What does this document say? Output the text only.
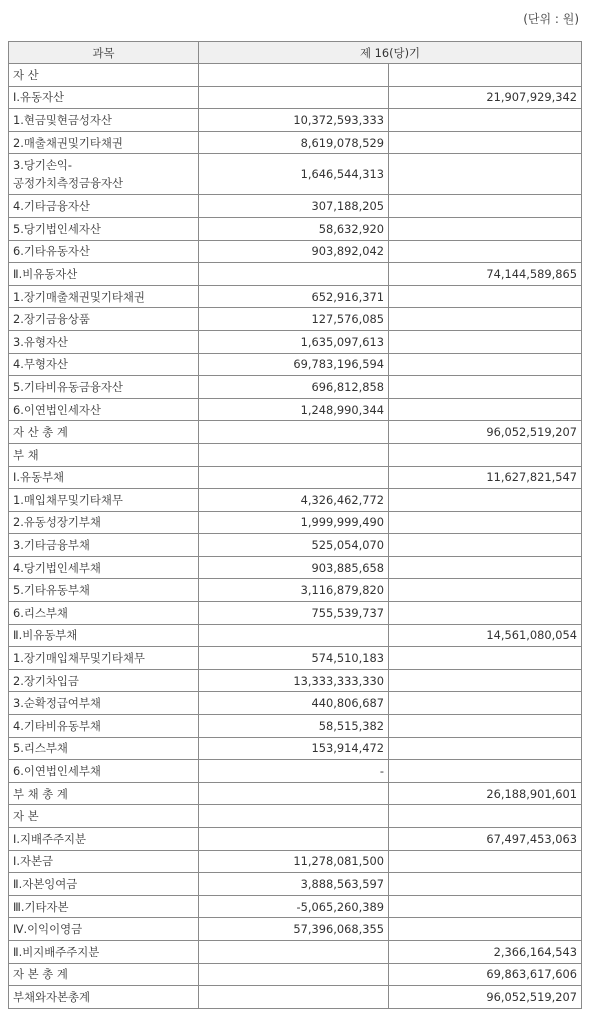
(단위 : 원)
과목	제 16(당)기	
자 산		
Ⅰ.유동자산		21,907,929,342
1.현금및현금성자산	10,372,593,333	
2.매출채권및기타채권	8,619,078,529	

3.당기손익-
공정가치측정금융자산	1,646,544,313	
4.기타금융자산	307,188,205	
5.당기법인세자산	58,632,920	
6.기타유동자산	903,892,042	
Ⅱ.비유동자산		74,144,589,865
1.장기매출채권및기타채권	652,916,371	
2.장기금융상품	127,576,085	
3.유형자산	1,635,097,613	
4.무형자산	69,783,196,594	
5.기타비유동금융자산	696,812,858	
6.이연법인세자산	1,248,990,344	
자 산 총 계		96,052,519,207
부 채		
Ⅰ.유동부채		11,627,821,547
1.매입채무및기타채무	4,326,462,772	
2.유동성장기부채	1,999,999,490	
3.기타금융부채	525,054,070	
4.당기법인세부채	903,885,658	
5.기타유동부채	3,116,879,820	
6.리스부채	755,539,737	
Ⅱ.비유동부채		14,561,080,054
1.장기매입채무및기타채무	574,510,183	
2.장기차입금	13,333,333,330	
3.순확정급여부채	440,806,687	
4.기타비유동부채	58,515,382	
5.리스부채	153,914,472	
6.이연법인세부채	-	
부 채 총 계		26,188,901,601
자 본		
Ⅰ.지배주주지분		67,497,453,063
Ⅰ.자본금	11,278,081,500	
Ⅱ.자본잉여금	3,888,563,597	
Ⅲ.기타자본	-5,065,260,389	
Ⅳ.이익이영금	57,396,068,355	
Ⅱ.비지배주주지분		2,366,164,543
자 본 총 계		69,863,617,606
부채와자본총계		96,052,519,207
